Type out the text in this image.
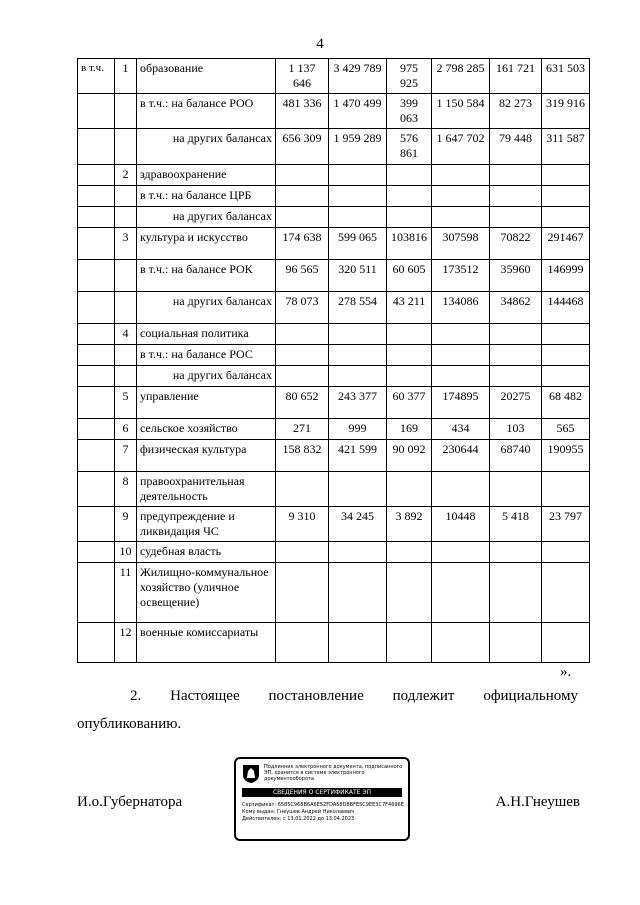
4
в т.ч.	1	образование	1 137 646	3 429 789	975 925	2 798 285	161 721	631 503
		в т.ч.: на балансе РОО	481 336	1 470 499	399 063	1 150 584	82 273	319 916
		на других балансах	656 309	1 959 289	576 861	1 647 702	79 448	311 587
	2	здравоохранение						
		в т.ч.: на балансе ЦРБ						
		на других балансах						
	3	культура и искусство	174 638	599 065	103816	307598	70822	291467
		в т.ч.: на балансе РОК	96 565	320 511	60 605	173512	35960	146999
		на других балансах	78 073	278 554	43 211	134086	34862	144468
	4	социальная политика						
		в т.ч.: на балансе РОС						
		на других балансах						
	5	управление	80 652	243 377	60 377	174895	20275	68 482
	6	сельское хозяйство	271	999	169	434	103	565
	7	физическая культура	158 832	421 599	90 092	230644	68740	190955
	8	правоохранительная деятельность						
	9	предупреждение и ликвидация ЧС	9 310	34 245	3 892	10448	5 418	23 797
	10	судебная власть						
	11	Жилищно-коммунальное хозяйство (уличное освещение)						
	12	военные комиссариаты						
».
2. Настоящее постановление подлежит официальному
опубликованию.
И.о.Губернатора	А.Н.Гнеушев
Подлинник электронного документа, подписанного ЭП, хранится в системе электронного документооборота
СВЕДЕНИЯ О СЕРТИФИКАТЕ ЭП
Сертификат: 6585C968B6A6E52FDA58D8BFE5C9EE3C7F4696E
Кому выдан: Гнеушев Андрей Николаевич
Действителен: с 13.01.2022 до 13.04.2023
